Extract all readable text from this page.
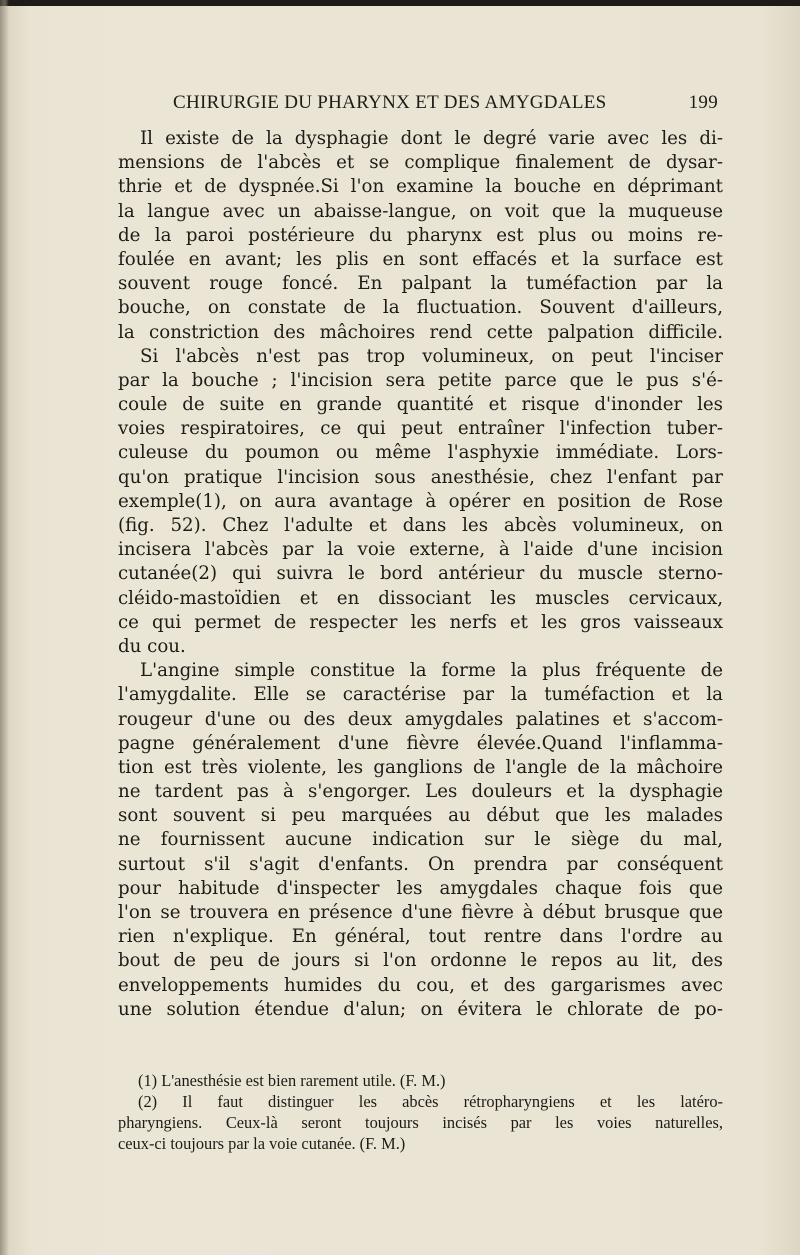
CHIRURGIE DU PHARYNX ET DES AMYGDALES	199
Il existe de la dysphagie dont le degré varie avec les di-
mensions de l'abcès et se complique finalement de dysar-
thrie et de dyspnée.Si l'on examine la bouche en déprimant
la langue avec un abaisse-langue, on voit que la muqueuse
de la paroi postérieure du pharynx est plus ou moins re-
foulée en avant; les plis en sont effacés et la surface est
souvent rouge foncé. En palpant la tuméfaction par la
bouche, on constate de la fluctuation. Souvent d'ailleurs,
la constriction des mâchoires rend cette palpation difficile.
Si l'abcès n'est pas trop volumineux, on peut l'inciser
par la bouche ; l'incision sera petite parce que le pus s'é-
coule de suite en grande quantité et risque d'inonder les
voies respiratoires, ce qui peut entraîner l'infection tuber-
culeuse du poumon ou même l'asphyxie immédiate. Lors-
qu'on pratique l'incision sous anesthésie, chez l'enfant par
exemple(1), on aura avantage à opérer en position de Rose
(fig. 52). Chez l'adulte et dans les abcès volumineux, on
incisera l'abcès par la voie externe, à l'aide d'une incision
cutanée(2) qui suivra le bord antérieur du muscle sterno-
cléido-mastoïdien et en dissociant les muscles cervicaux,
ce qui permet de respecter les nerfs et les gros vaisseaux
du cou.
L'angine simple constitue la forme la plus fréquente de
l'amygdalite. Elle se caractérise par la tuméfaction et la
rougeur d'une ou des deux amygdales palatines et s'accom-
pagne généralement d'une fièvre élevée.Quand l'inflamma-
tion est très violente, les ganglions de l'angle de la mâchoire
ne tardent pas à s'engorger. Les douleurs et la dysphagie
sont souvent si peu marquées au début que les malades
ne fournissent aucune indication sur le siège du mal,
surtout s'il s'agit d'enfants. On prendra par conséquent
pour habitude d'inspecter les amygdales chaque fois que
l'on se trouvera en présence d'une fièvre à début brusque que
rien n'explique. En général, tout rentre dans l'ordre au
bout de peu de jours si l'on ordonne le repos au lit, des
enveloppements humides du cou, et des gargarismes avec
une solution étendue d'alun; on évitera le chlorate de po-
(1) L'anesthésie est bien rarement utile. (F. M.)
(2) Il faut distinguer les abcès rétropharyngiens et les latéro-
pharyngiens. Ceux-là seront toujours incisés par les voies naturelles,
ceux-ci toujours par la voie cutanée. (F. M.)
